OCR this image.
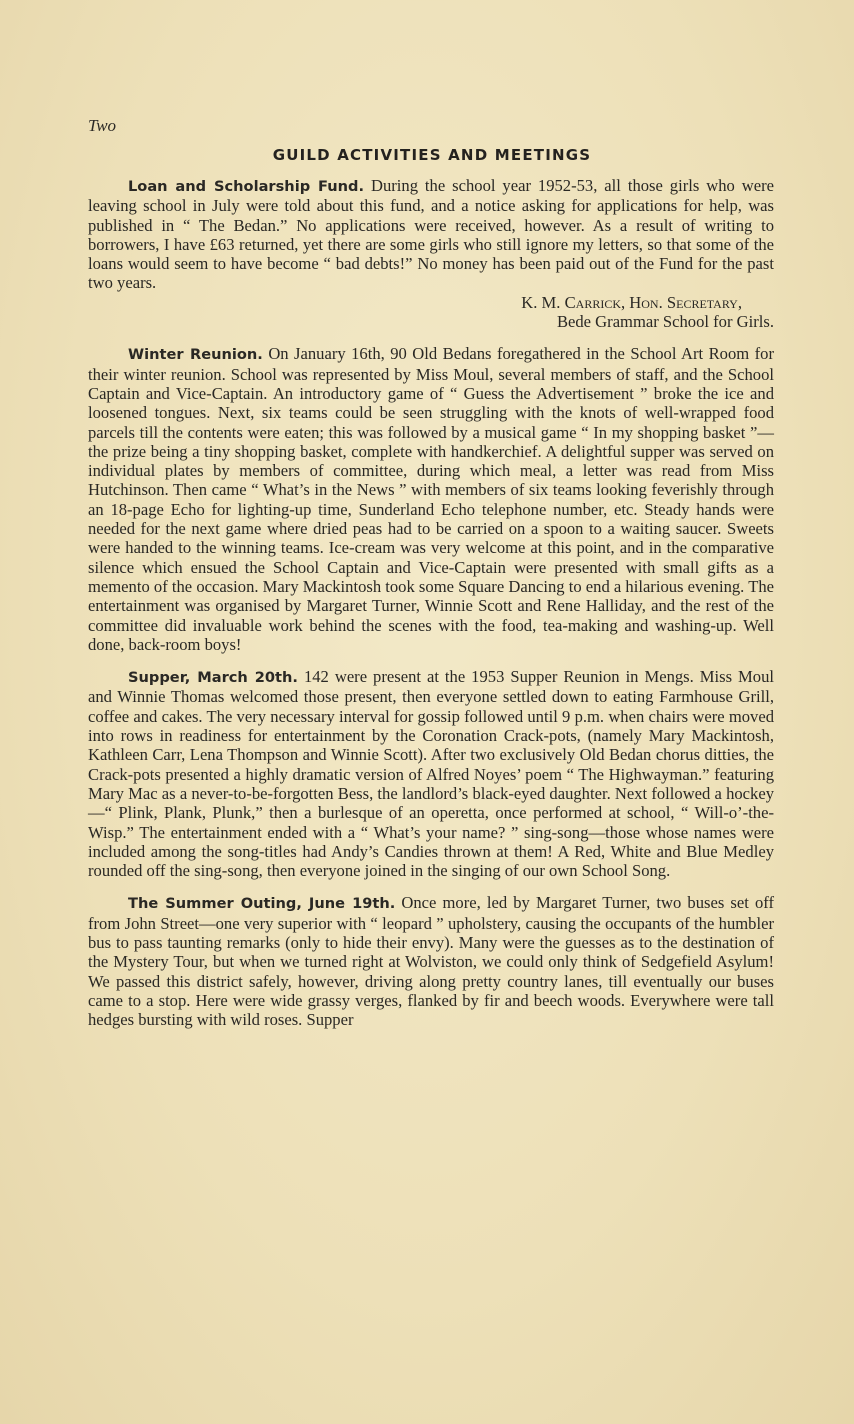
Two
GUILD ACTIVITIES AND MEETINGS

Loan and Scholarship Fund. During the school year 1952-53, all those girls who were leaving school in July were told about this fund, and a notice asking for applications for help, was published in “ The Bedan.” No applications were received, however. As a result of writing to borrowers, I have £63 returned, yet there are some girls who still ignore my letters, so that some of the loans would seem to have become “ bad debts!” No money has been paid out of the Fund for the past two years.

K. M. Carrick, Hon. Secretary,
Bede Grammar School for Girls.

Winter Reunion. On January 16th, 90 Old Bedans foregathered in the School Art Room for their winter reunion. School was represented by Miss Moul, several members of staff, and the School Captain and Vice-Captain. An introductory game of “ Guess the Advertisement ” broke the ice and loosened tongues. Next, six teams could be seen struggling with the knots of well-wrapped food parcels till the contents were eaten; this was followed by a musical game “ In my shopping basket ”—the prize being a tiny shopping basket, complete with handkerchief. A delightful supper was served on individual plates by members of committee, during which meal, a letter was read from Miss Hutchinson. Then came “ What’s in the News ” with members of six teams looking feverishly through an 18-page Echo for lighting-up time, Sunderland Echo telephone number, etc. Steady hands were needed for the next game where dried peas had to be carried on a spoon to a waiting saucer. Sweets were handed to the winning teams. Ice-cream was very welcome at this point, and in the comparative silence which ensued the School Captain and Vice-Captain were presented with small gifts as a memento of the occasion. Mary Mackintosh took some Square Dancing to end a hilarious evening. The entertainment was organised by Margaret Turner, Winnie Scott and Rene Halliday, and the rest of the committee did invaluable work behind the scenes with the food, tea-making and washing-up. Well done, back-room boys!

Supper, March 20th. 142 were present at the 1953 Supper Reunion in Mengs. Miss Moul and Winnie Thomas welcomed those present, then everyone settled down to eating Farmhouse Grill, coffee and cakes. The very necessary interval for gossip followed until 9 p.m. when chairs were moved into rows in readiness for entertainment by the Coronation Crack-pots, (namely Mary Mackintosh, Kathleen Carr, Lena Thompson and Winnie Scott). After two exclusively Old Bedan chorus ditties, the Crack-pots presented a highly dramatic version of Alfred Noyes’ poem “ The Highwayman.” featuring Mary Mac as a never-to-be-forgotten Bess, the landlord’s black-eyed daughter. Next followed a hockey—“ Plink, Plank, Plunk,” then a burlesque of an operetta, once performed at school, “ Will-o’-the-Wisp.” The entertainment ended with a “ What’s your name? ” sing-song—those whose names were included among the song-titles had Andy’s Candies thrown at them! A Red, White and Blue Medley rounded off the sing-song, then everyone joined in the singing of our own School Song.

The Summer Outing, June 19th. Once more, led by Margaret Turner, two buses set off from John Street—one very superior with “ leopard ” upholstery, causing the occupants of the humbler bus to pass taunting remarks (only to hide their envy). Many were the guesses as to the destination of the Mystery Tour, but when we turned right at Wolviston, we could only think of Sedgefield Asylum! We passed this district safely, however, driving along pretty country lanes, till eventually our buses came to a stop. Here were wide grassy verges, flanked by fir and beech woods. Everywhere were tall hedges bursting with wild roses. Supper
